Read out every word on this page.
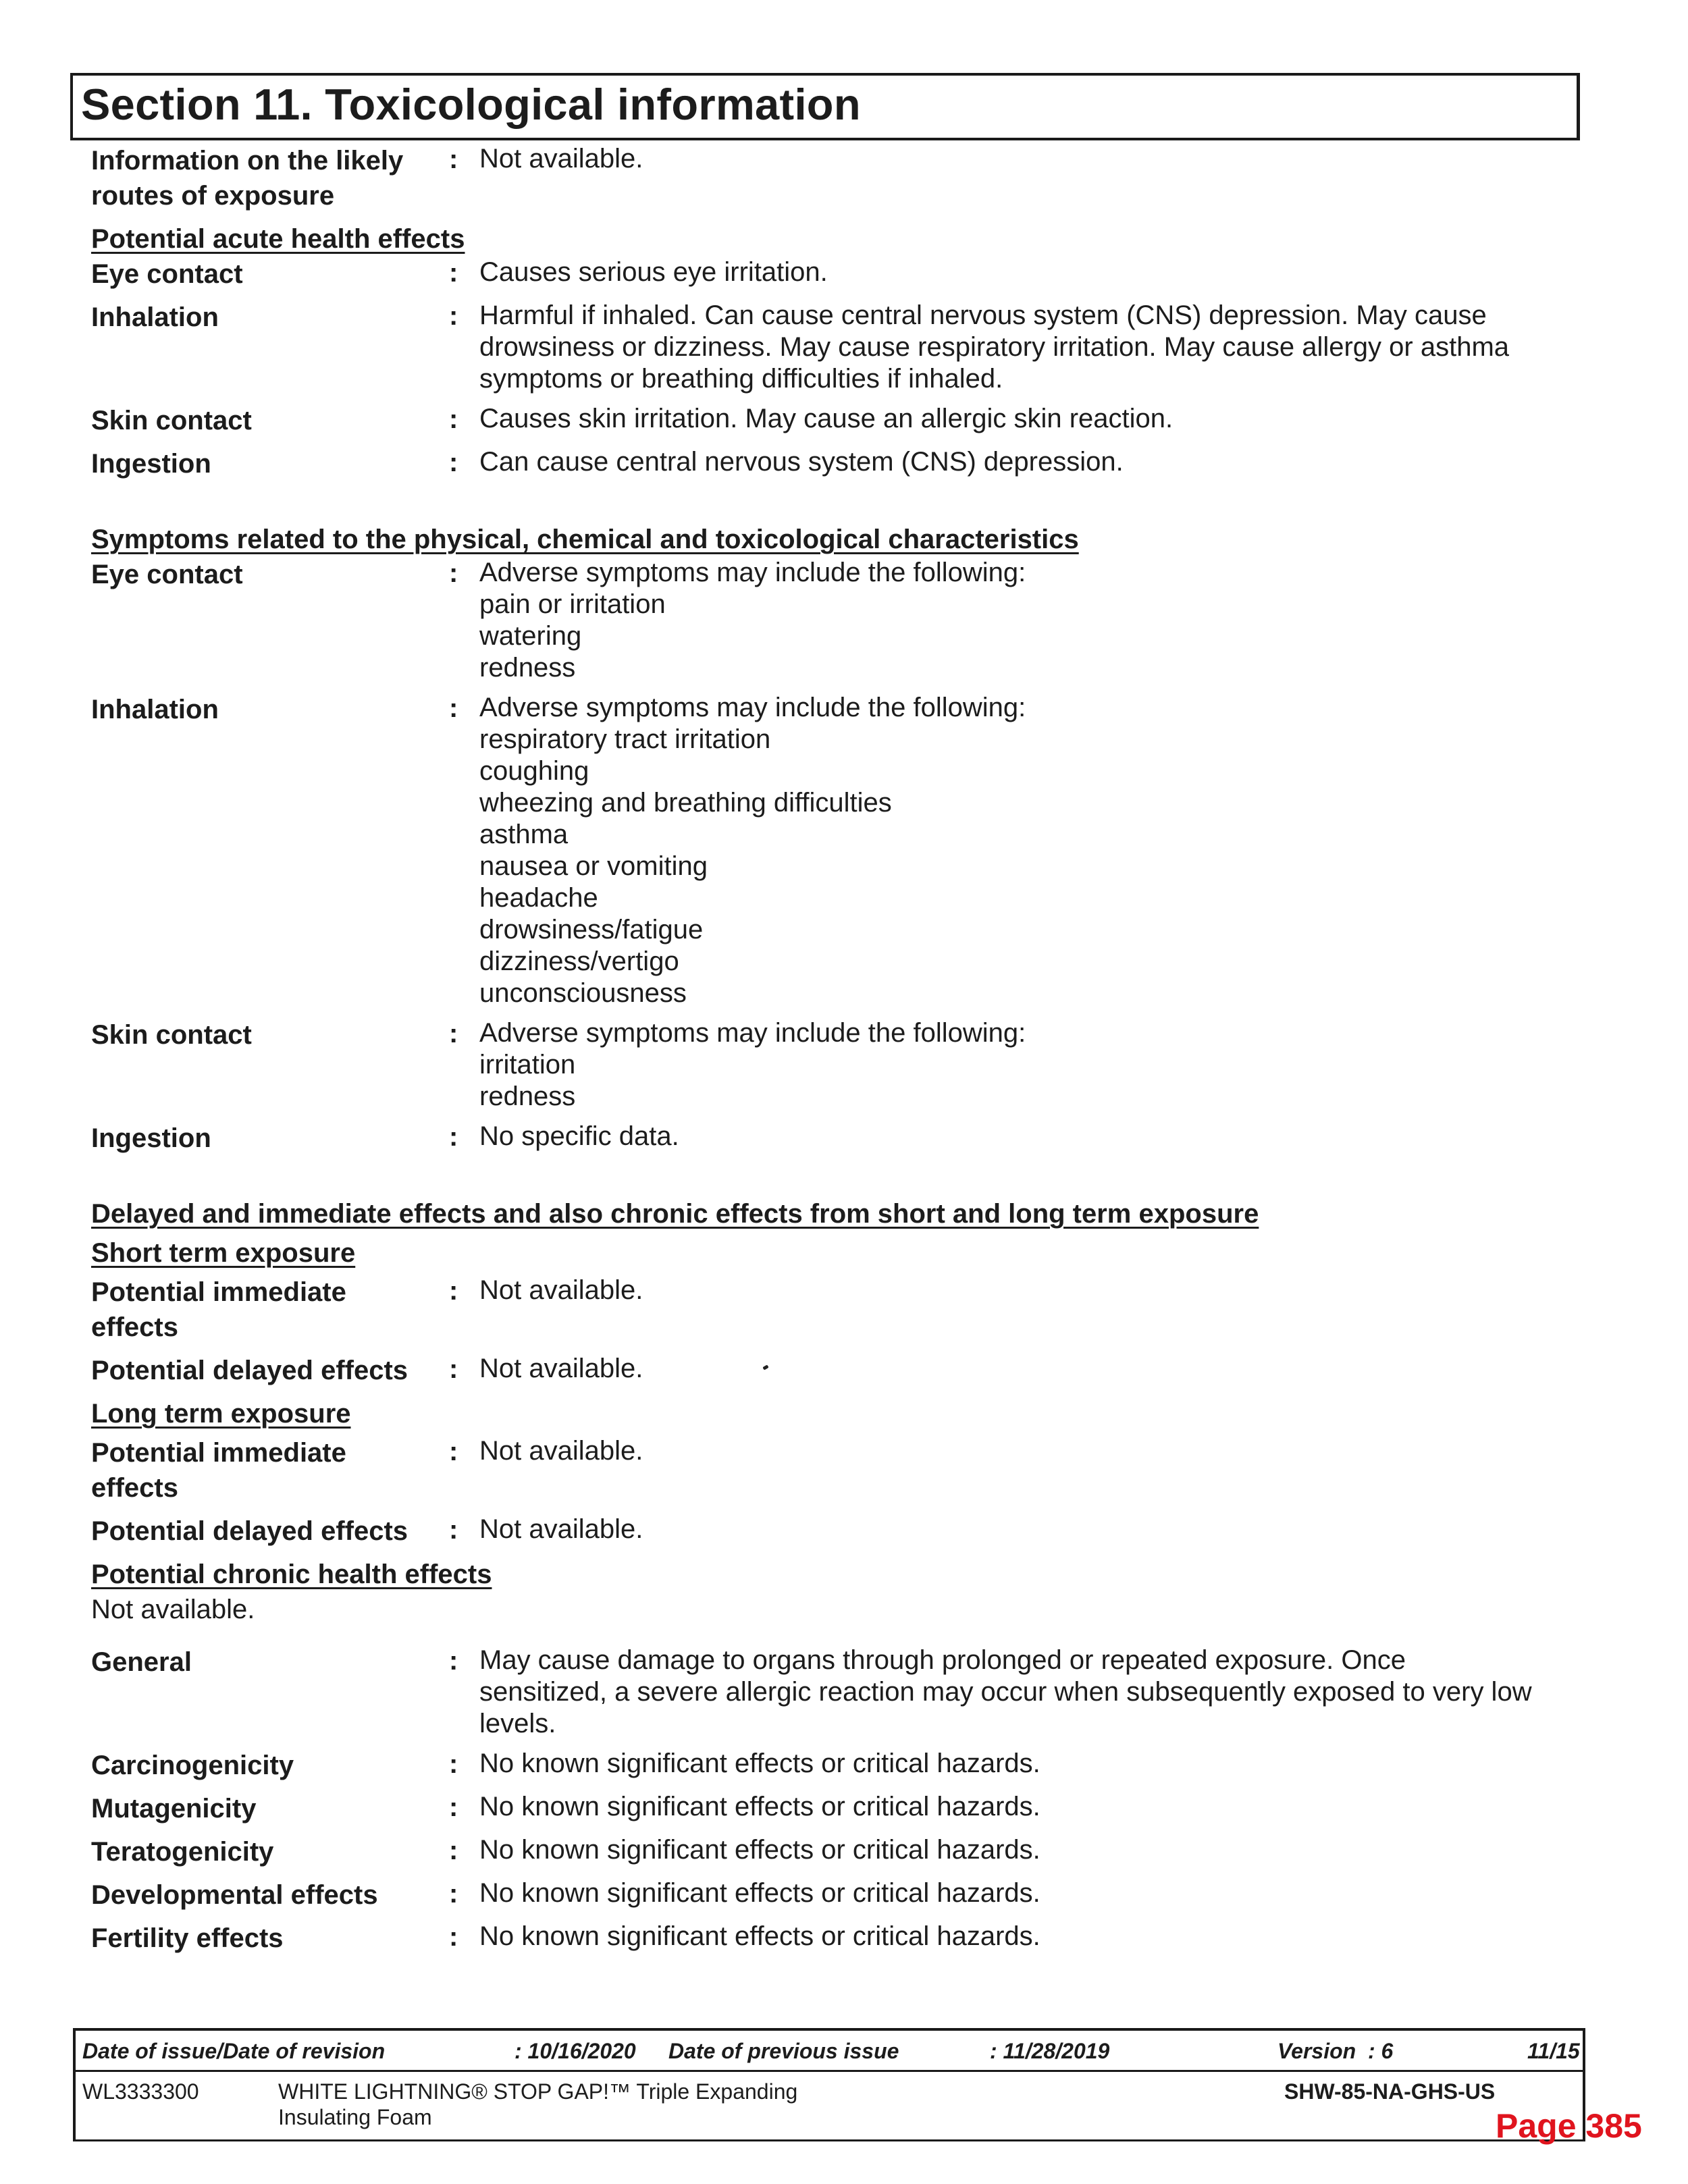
Section 11. Toxicological information
Information on the likely routes of exposure
: Not available.

Potential acute health effects

Eye contact	: Causes serious eye irritation.
Inhalation	: Harmful if inhaled. Can cause central nervous system (CNS) depression. May cause
drowsiness or dizziness. May cause respiratory irritation. May cause allergy or asthma
symptoms or breathing difficulties if inhaled.
Skin contact	: Causes skin irritation. May cause an allergic skin reaction.
Ingestion	: Can cause central nervous system (CNS) depression.

Symptoms related to the physical, chemical and toxicological characteristics

Eye contact	: Adverse symptoms may include the following:
pain or irritation
watering
redness
Inhalation	: Adverse symptoms may include the following:
respiratory tract irritation
coughing
wheezing and breathing difficulties
asthma
nausea or vomiting
headache
drowsiness/fatigue
dizziness/vertigo
unconsciousness
Skin contact	: Adverse symptoms may include the following:
irritation
redness
Ingestion	: No specific data.

Delayed and immediate effects and also chronic effects from short and long term exposure

Short term exposure

Potential immediate effects
: Not available.
Potential delayed effects	: Not available.

Long term exposure

Potential immediate effects
: Not available.
Potential delayed effects	: Not available.

Potential chronic health effects

Not available.
General	: May cause damage to organs through prolonged or repeated exposure. Once
sensitized, a severe allergic reaction may occur when subsequently exposed to very low
levels.
Carcinogenicity	: No known significant effects or critical hazards.
Mutagenicity	: No known significant effects or critical hazards.
Teratogenicity	: No known significant effects or critical hazards.
Developmental effects	: No known significant effects or critical hazards.
Fertility effects	: No known significant effects or critical hazards.
Date of issue/Date of revision	: 10/16/2020 Date of previous issue	: 11/28/2019	Version : 6	11/15
WL3333300	WHITE LIGHTNING® STOP GAP!™ Triple Expanding
Insulating Foam
SHW-85-NA-GHS-US
Page 385
